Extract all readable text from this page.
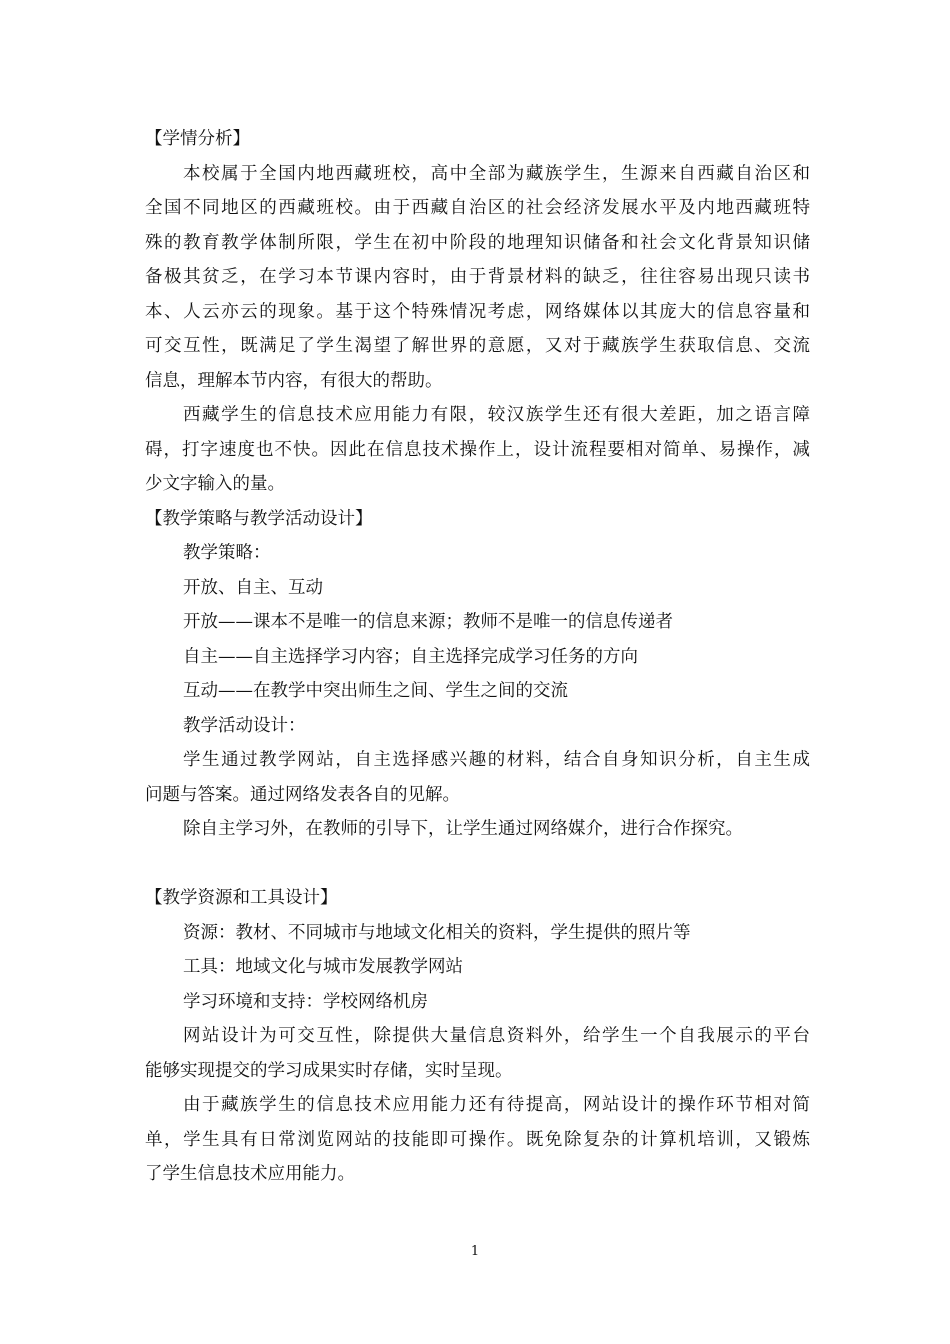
【学情分析】
本校属于全国内地西藏班校，高中全部为藏族学生，生源来自西藏自治区和
全国不同地区的西藏班校。由于西藏自治区的社会经济发展水平及内地西藏班特
殊的教育教学体制所限，学生在初中阶段的地理知识储备和社会文化背景知识储
备极其贫乏，在学习本节课内容时，由于背景材料的缺乏，往往容易出现只读书
本、人云亦云的现象。基于这个特殊情况考虑，网络媒体以其庞大的信息容量和
可交互性，既满足了学生渴望了解世界的意愿，又对于藏族学生获取信息、交流
信息，理解本节内容，有很大的帮助。
西藏学生的信息技术应用能力有限，较汉族学生还有很大差距，加之语言障
碍，打字速度也不快。因此在信息技术操作上，设计流程要相对简单、易操作，减
少文字输入的量。
【教学策略与教学活动设计】
教学策略：
开放、自主、互动
开放——课本不是唯一的信息来源；教师不是唯一的信息传递者
自主——自主选择学习内容；自主选择完成学习任务的方向
互动——在教学中突出师生之间、学生之间的交流
教学活动设计：
学生通过教学网站，自主选择感兴趣的材料，结合自身知识分析，自主生成
问题与答案。通过网络发表各自的见解。
除自主学习外，在教师的引导下，让学生通过网络媒介，进行合作探究。
【教学资源和工具设计】
资源：教材、不同城市与地域文化相关的资料，学生提供的照片等
工具：地域文化与城市发展教学网站
学习环境和支持：学校网络机房
网站设计为可交互性，除提供大量信息资料外，给学生一个自我展示的平台
能够实现提交的学习成果实时存储，实时呈现。
由于藏族学生的信息技术应用能力还有待提高，网站设计的操作环节相对简
单，学生具有日常浏览网站的技能即可操作。既免除复杂的计算机培训，又锻炼
了学生信息技术应用能力。
1
